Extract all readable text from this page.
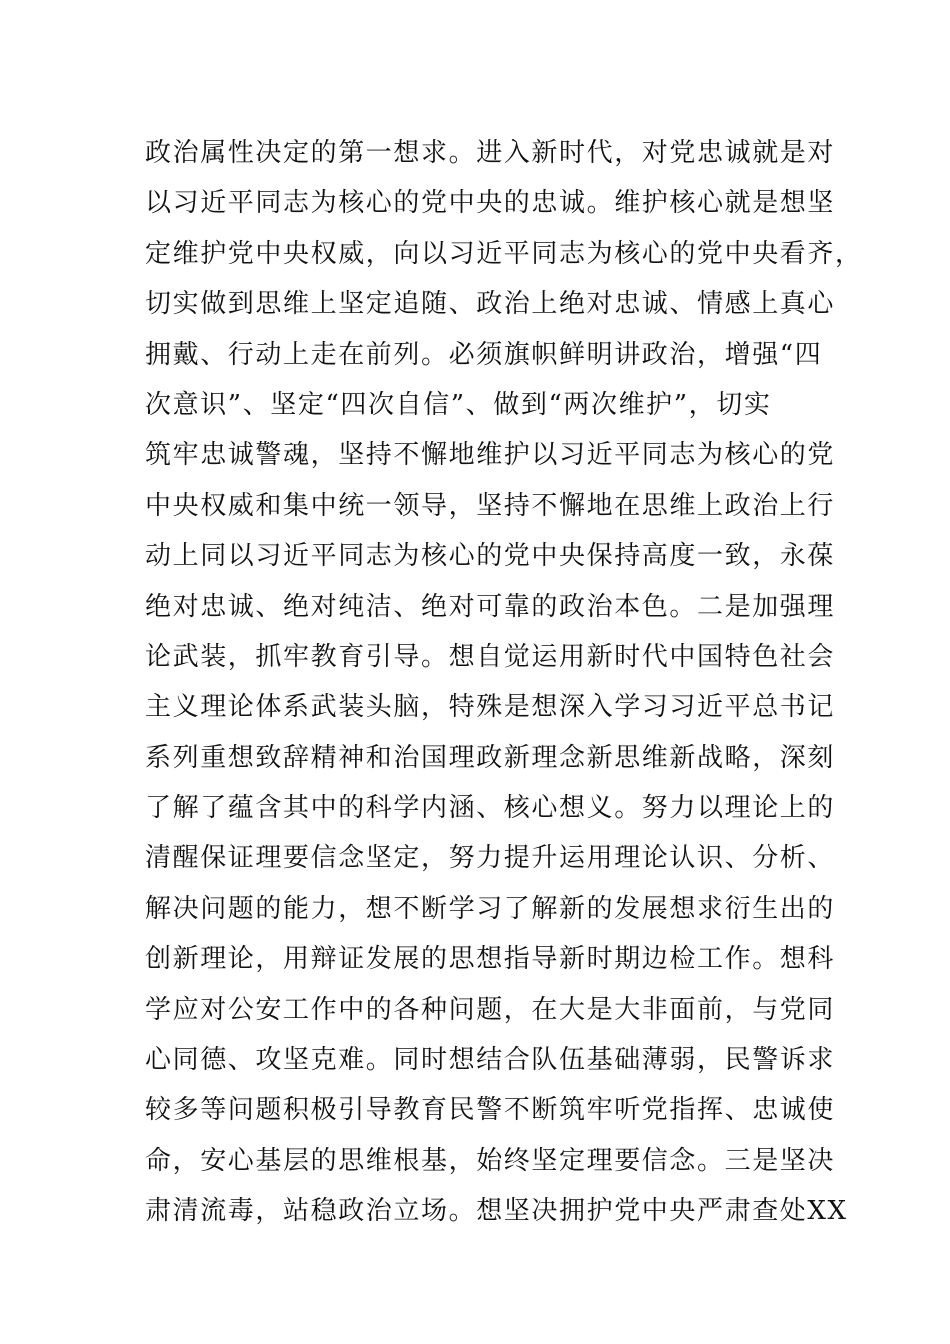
政治属性决定的第一想求。进入新时代，对党忠诚就是对
以习近平同志为核心的党中央的忠诚。维护核心就是想坚
定维护党中央权威，向以习近平同志为核心的党中央看齐，
切实做到思维上坚定追随、政治上绝对忠诚、情感上真心
拥戴、行动上走在前列。必须旗帜鲜明讲政治，增强“四
次意识”、坚定“四次自信”、做到“两次维护”，切实
筑牢忠诚警魂，坚持不懈地维护以习近平同志为核心的党
中央权威和集中统一领导，坚持不懈地在思维上政治上行
动上同以习近平同志为核心的党中央保持高度一致，永葆
绝对忠诚、绝对纯洁、绝对可靠的政治本色。二是加强理
论武装，抓牢教育引导。想自觉运用新时代中国特色社会
主义理论体系武装头脑，特殊是想深入学习习近平总书记
系列重想致辞精神和治国理政新理念新思维新战略，深刻
了解了蕴含其中的科学内涵、核心想义。努力以理论上的
清醒保证理要信念坚定，努力提升运用理论认识、分析、
解决问题的能力，想不断学习了解新的发展想求衍生出的
创新理论，用辩证发展的思想指导新时期边检工作。想科
学应对公安工作中的各种问题，在大是大非面前，与党同
心同德、攻坚克难。同时想结合队伍基础薄弱，民警诉求
较多等问题积极引导教育民警不断筑牢听党指挥、忠诚使
命，安心基层的思维根基，始终坚定理要信念。三是坚决
肃清流毒，站稳政治立场。想坚决拥护党中央严肃查处XX
